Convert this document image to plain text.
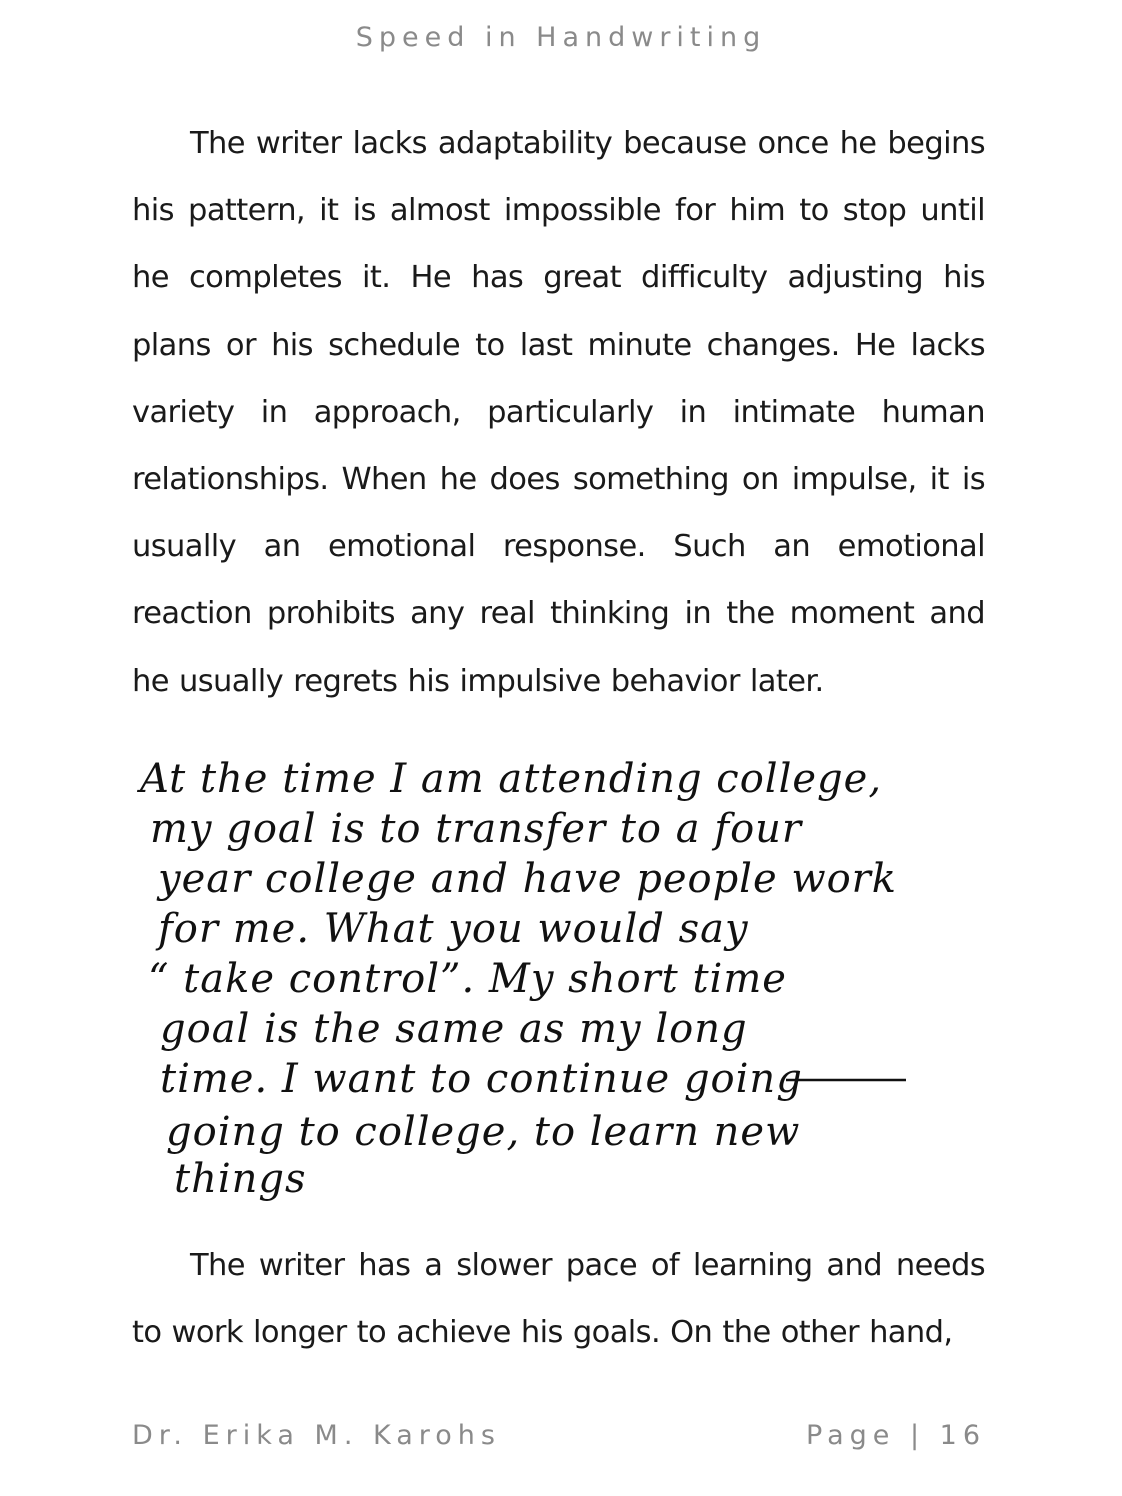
Speed in Handwriting
The writer lacks adaptability because once he begins his pattern, it is almost impossible for him to stop until he completes it. He has great difficulty adjusting his plans or his schedule to last minute changes. He lacks variety in approach, particularly in intimate human relationships. When he does something on impulse, it is usually an emotional response. Such an emotional reaction prohibits any real thinking in the moment and he usually regrets his impulsive behavior later.
At the time I am attending college,
my goal is to transfer to a four
year college and have people work
for me. What you would say
“ take control”. My short time
goal is the same as my long
time. I want to continue going
going to college, to learn new
things
The writer has a slower pace of learning and needs to work longer to achieve his goals. On the other hand,
Dr. Erika M. Karohs	Page | 16
